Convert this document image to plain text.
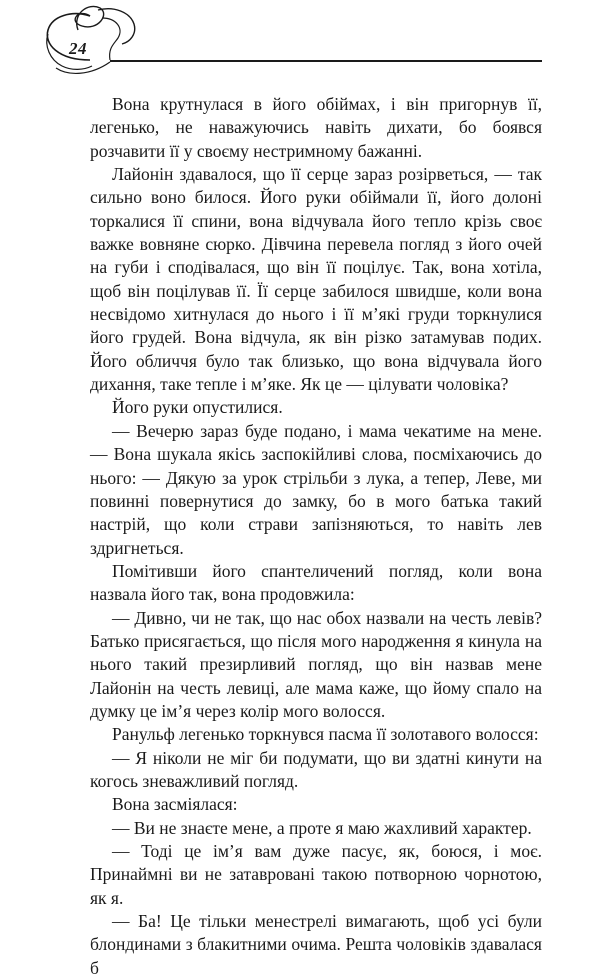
24

Вона крутнулася в його обіймах, і він пригорнув її, легенько, не наважуючись навіть дихати, бо боявся розчавити її у своєму нестримному бажанні.

Лайонін здавалося, що її серце зараз розірветься, — так сильно воно билося. Його руки обіймали її, його долоні торкалися її спини, вона відчувала його тепло крізь своє важке вовняне сюрко. Дівчина перевела погляд з його очей на губи і сподівалася, що він її поцілує. Так, вона хотіла, щоб він поцілував її. Її серце забилося швидше, коли вона несвідомо хитнулася до нього і її м’які груди торкнулися його грудей. Вона відчула, як він різко затамував подих. Його обличчя було так близько, що вона відчувала його дихання, таке тепле і м’яке. Як це — цілувати чоловіка?

Його руки опустилися.

— Вечерю зараз буде подано, і мама чекатиме на мене. — Вона шукала якісь заспокійливі слова, посміхаючись до нього: — Дякую за урок стрільби з лука, а тепер, Леве, ми повинні повернутися до замку, бо в мого батька такий настрій, що коли страви запізняються, то навіть лев здригнеться.

Помітивши його спантеличений погляд, коли вона назвала його так, вона продовжила:

— Дивно, чи не так, що нас обох назвали на честь левів? Батько присягається, що після мого народження я кинула на нього такий презирливий погляд, що він назвав мене Лайонін на честь левиці, але мама каже, що йому спало на думку це ім’я через колір мого волосся.

Ранульф легенько торкнувся пасма її золотавого волосся:

— Я ніколи не міг би подумати, що ви здатні кинути на когось зневажливий погляд.

Вона засміялася:

— Ви не знаєте мене, а проте я маю жахливий характер.

— Тоді це ім’я вам дуже пасує, як, боюся, і моє. Принаймні ви не затавровані такою потворною чорнотою, як я.

— Ба! Це тільки менестрелі вимагають, щоб усі були блондинами з блакитними очима. Решта чоловіків здавалася б
